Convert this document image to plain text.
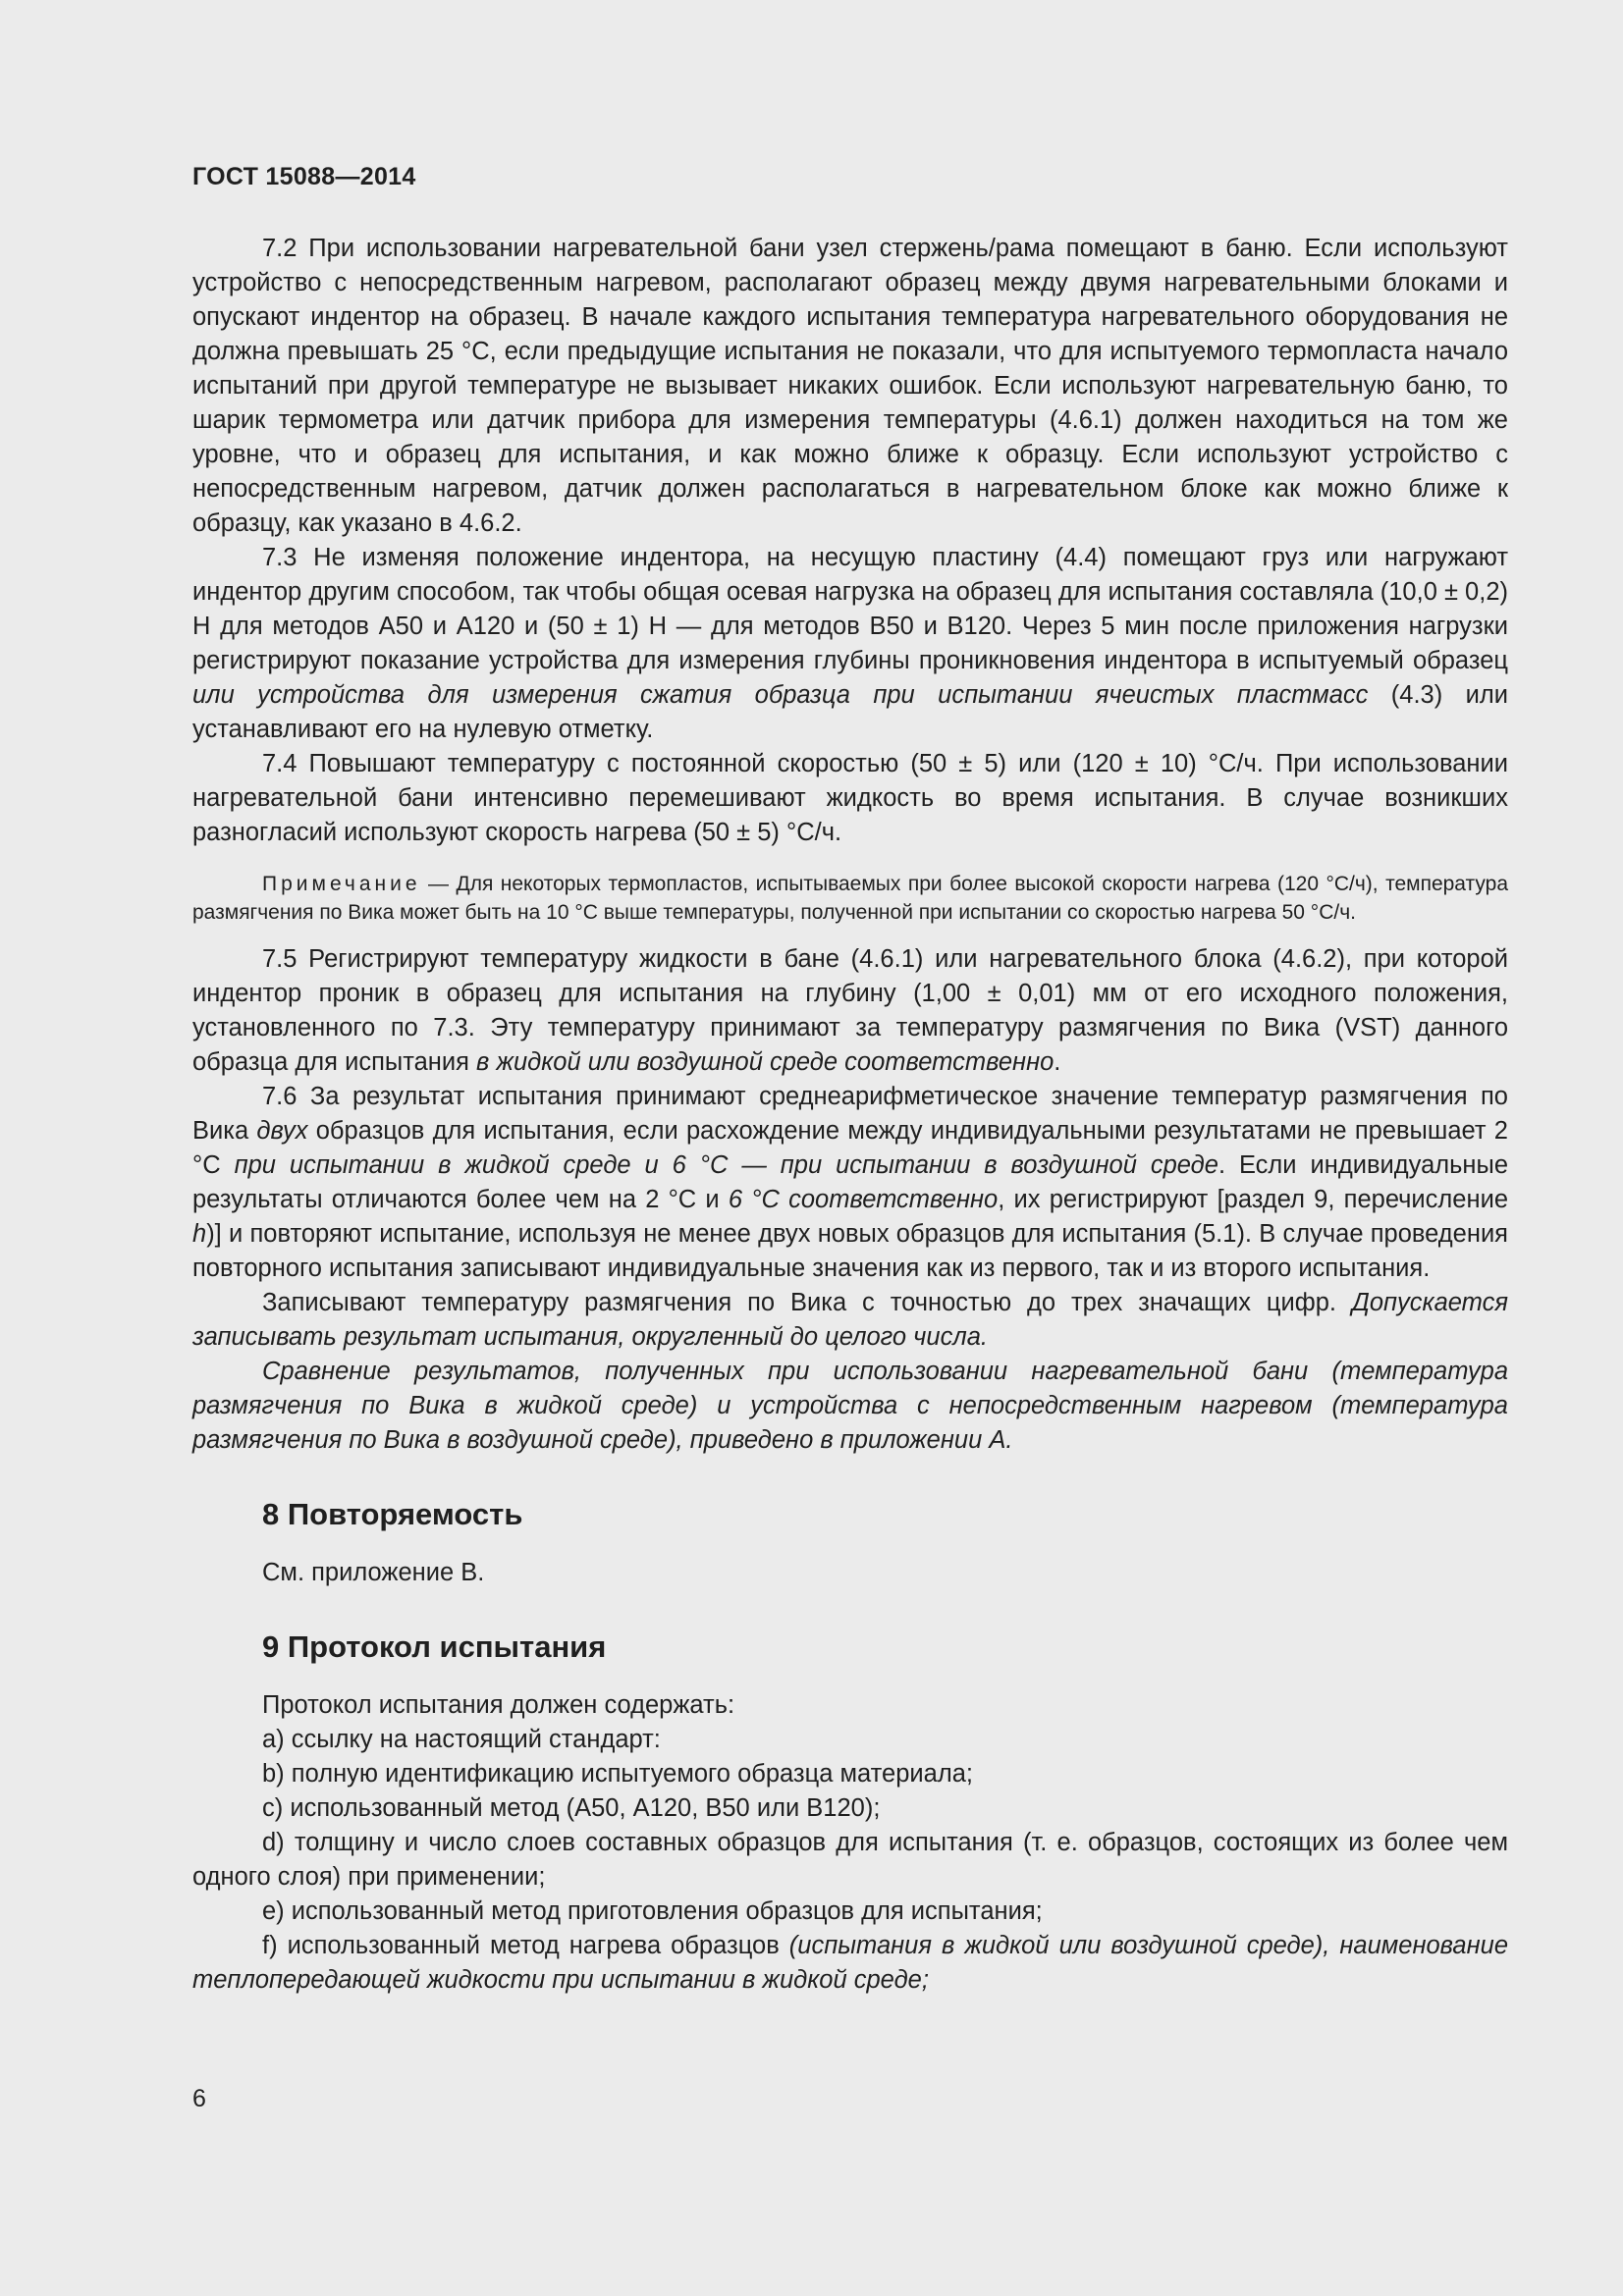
ГОСТ 15088—2014

7.2 При использовании нагревательной бани узел стержень/рама помещают в баню. Если используют устройство с непосредственным нагревом, располагают образец между двумя нагревательными блоками и опускают индентор на образец. В начале каждого испытания температура нагревательного оборудования не должна превышать 25 °С, если предыдущие испытания не показали, что для испытуемого термопласта начало испытаний при другой температуре не вызывает никаких ошибок. Если используют нагревательную баню, то шарик термометра или датчик прибора для измерения температуры (4.6.1) должен находиться на том же уровне, что и образец для испытания, и как можно ближе к образцу. Если используют устройство с непосредственным нагревом, датчик должен располагаться в нагревательном блоке как можно ближе к образцу, как указано в 4.6.2.

7.3 Не изменяя положение индентора, на несущую пластину (4.4) помещают груз или нагружают индентор другим способом, так чтобы общая осевая нагрузка на образец для испытания составляла (10,0 ± 0,2) Н для методов А50 и А120 и (50 ± 1) Н — для методов В50 и В120. Через 5 мин после приложения нагрузки регистрируют показание устройства для измерения глубины проникновения индентора в испытуемый образец или устройства для измерения сжатия образца при испытании ячеистых пластмасс (4.3) или устанавливают его на нулевую отметку.

7.4 Повышают температуру с постоянной скоростью (50 ± 5) или (120 ± 10) °С/ч. При использовании нагревательной бани интенсивно перемешивают жидкость во время испытания. В случае возникших разногласий используют скорость нагрева (50 ± 5) °С/ч.

Примечание — Для некоторых термопластов, испытываемых при более высокой скорости нагрева (120 °С/ч), температура размягчения по Вика может быть на 10 °С выше температуры, полученной при испытании со скоростью нагрева 50 °С/ч.

7.5 Регистрируют температуру жидкости в бане (4.6.1) или нагревательного блока (4.6.2), при которой индентор проник в образец для испытания на глубину (1,00 ± 0,01) мм от его исходного положения, установленного по 7.3. Эту температуру принимают за температуру размягчения по Вика (VST) данного образца для испытания в жидкой или воздушной среде соответственно.

7.6 За результат испытания принимают среднеарифметическое значение температур размягчения по Вика двух образцов для испытания, если расхождение между индивидуальными результатами не превышает 2 °С при испытании в жидкой среде и 6 °С — при испытании в воздушной среде. Если индивидуальные результаты отличаются более чем на 2 °С и 6 °С соответственно, их регистрируют [раздел 9, перечисление h)] и повторяют испытание, используя не менее двух новых образцов для испытания (5.1). В случае проведения повторного испытания записывают индивидуальные значения как из первого, так и из второго испытания.

Записывают температуру размягчения по Вика с точностью до трех значащих цифр. Допускается записывать результат испытания, округленный до целого числа.

Сравнение результатов, полученных при использовании нагревательной бани (температура размягчения по Вика в жидкой среде) и устройства с непосредственным нагревом (температура размягчения по Вика в воздушной среде), приведено в приложении А.

8 Повторяемость

См. приложение В.

9 Протокол испытания

Протокол испытания должен содержать:

а) ссылку на настоящий стандарт:

b) полную идентификацию испытуемого образца материала;

с) использованный метод (А50, А120, В50 или В120);

d) толщину и число слоев составных образцов для испытания (т. е. образцов, состоящих из более чем одного слоя) при применении;

е) использованный метод приготовления образцов для испытания;

f) использованный метод нагрева образцов (испытания в жидкой или воздушной среде), наименование теплопередающей жидкости при испытании в жидкой среде;

6
